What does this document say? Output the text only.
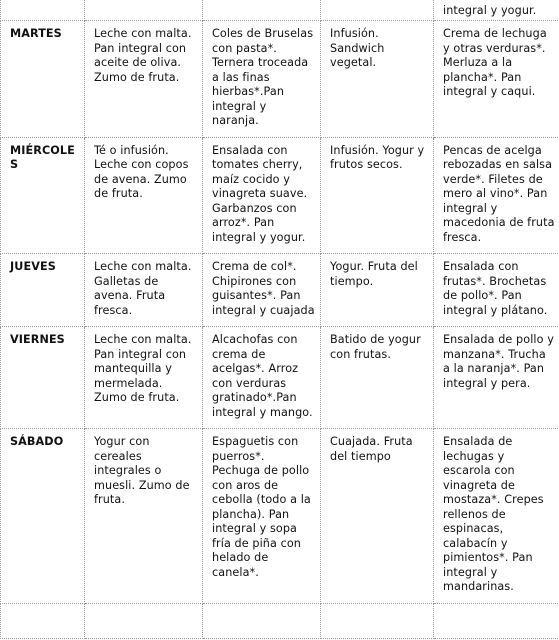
				integral y yogur.
MARTES	Leche con malta. Pan integral con aceite de oliva. Zumo de fruta.	Coles de Bruselas con pasta*. Ternera troceada a las finas hierbas*.Pan integral y naranja.	Infusión. Sandwich vegetal.	Crema de lechuga y otras verduras*. Merluza a la plancha*. Pan integral y caqui.
MIÉRCOLES	Té o infusión. Leche con copos de avena. Zumo de fruta.	Ensalada con tomates cherry, maíz cocido y vinagreta suave. Garbanzos con arroz*. Pan integral y yogur.	Infusión. Yogur y frutos secos.	Pencas de acelga rebozadas en salsa verde*. Filetes de mero al vino*. Pan integral y macedonia de fruta fresca.
JUEVES	Leche con malta. Galletas de avena. Fruta fresca.	Crema de col*. Chipirones con guisantes*. Pan integral y cuajada	Yogur. Fruta del tiempo.	Ensalada con frutas*. Brochetas de pollo*. Pan integral y plátano.
VIERNES	Leche con malta. Pan integral con mantequilla y mermelada. Zumo de fruta.	Alcachofas con crema de acelgas*. Arroz con verduras gratinado*.Pan integral y mango.	Batido de yogur con frutas.	Ensalada de pollo y manzana*. Trucha a la naranja*. Pan integral y pera.
SÁBADO	Yogur con cereales integrales o muesli. Zumo de fruta.	Espaguetis con puerros*. Pechuga de pollo con aros de cebolla (todo a la plancha). Pan integral y sopa fría de piña con helado de canela*.	Cuajada. Fruta del tiempo	Ensalada de lechugas y escarola con vinagreta de mostaza*. Crepes rellenos de espinacas, calabacín y pimientos*. Pan integral y mandarinas.
